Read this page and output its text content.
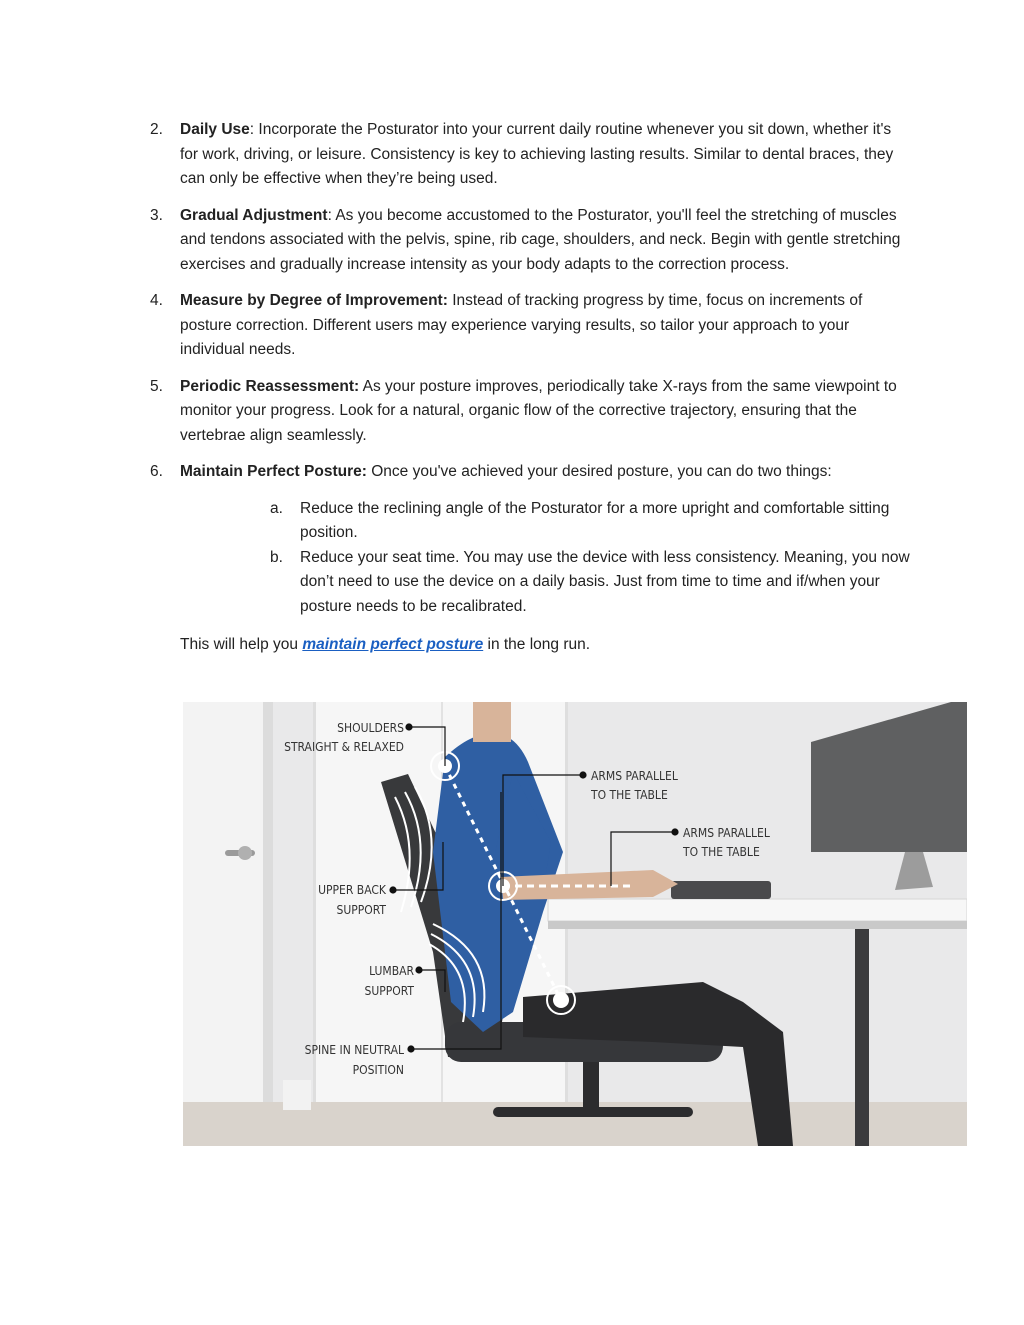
2. Daily Use: Incorporate the Posturator into your current daily routine whenever you sit down, whether it's for work, driving, or leisure. Consistency is key to achieving lasting results. Similar to dental braces, they can only be effective when they’re being used.
3. Gradual Adjustment: As you become accustomed to the Posturator, you'll feel the stretching of muscles and tendons associated with the pelvis, spine, rib cage, shoulders, and neck. Begin with gentle stretching exercises and gradually increase intensity as your body adapts to the correction process.
4. Measure by Degree of Improvement: Instead of tracking progress by time, focus on increments of posture correction. Different users may experience varying results, so tailor your approach to your individual needs.
5. Periodic Reassessment: As your posture improves, periodically take X-rays from the same viewpoint to monitor your progress. Look for a natural, organic flow of the corrective trajectory, ensuring that the vertebrae align seamlessly.
6. Maintain Perfect Posture: Once you've achieved your desired posture, you can do two things:
a. Reduce the reclining angle of the Posturator for a more upright and comfortable sitting position.
b. Reduce your seat time. You may use the device with less consistency. Meaning, you now don’t need to use the device on a daily basis. Just from time to time and if/when your posture needs to be recalibrated.
This will help you maintain perfect posture in the long run.
SHOULDERS
STRAIGHT & RELAXED
ARMS PARALLEL
TO THE TABLE
ARMS PARALLEL
TO THE TABLE
UPPER BACK
SUPPORT
LUMBAR
SUPPORT
SPINE IN NEUTRAL
POSITION
